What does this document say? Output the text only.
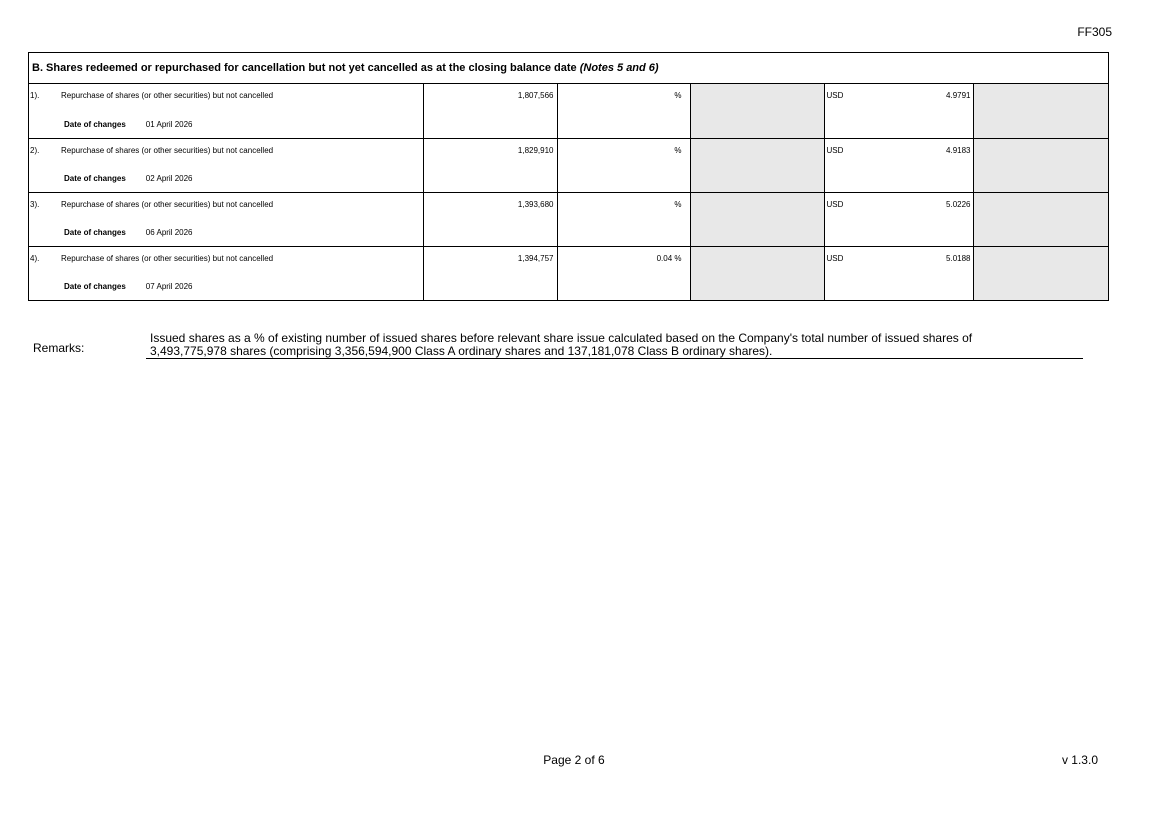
FF305
B. Shares redeemed or repurchased for cancellation but not yet cancelled as at the closing balance date (Notes 5 and 6)
1).	Repurchase of shares (or other securities) but not cancelled	1,807,566	%		USD 4.9791	

	Date of changes 01 April 2026					
2).	Repurchase of shares (or other securities) but not cancelled	1,829,910	%		USD 4.9183	

	Date of changes 02 April 2026					
3).	Repurchase of shares (or other securities) but not cancelled	1,393,680	%		USD 5.0226	

	Date of changes 06 April 2026					
4).	Repurchase of shares (or other securities) but not cancelled	1,394,757	0.04 %		USD 5.0188	

	Date of changes 07 April 2026					
Remarks:
Issued shares as a % of existing number of issued shares before relevant share issue calculated based on the Company's total number of issued shares of
3,493,775,978 shares (comprising 3,356,594,900 Class A ordinary shares and 137,181,078 Class B ordinary shares).
Page 2 of 6	v 1.3.0
